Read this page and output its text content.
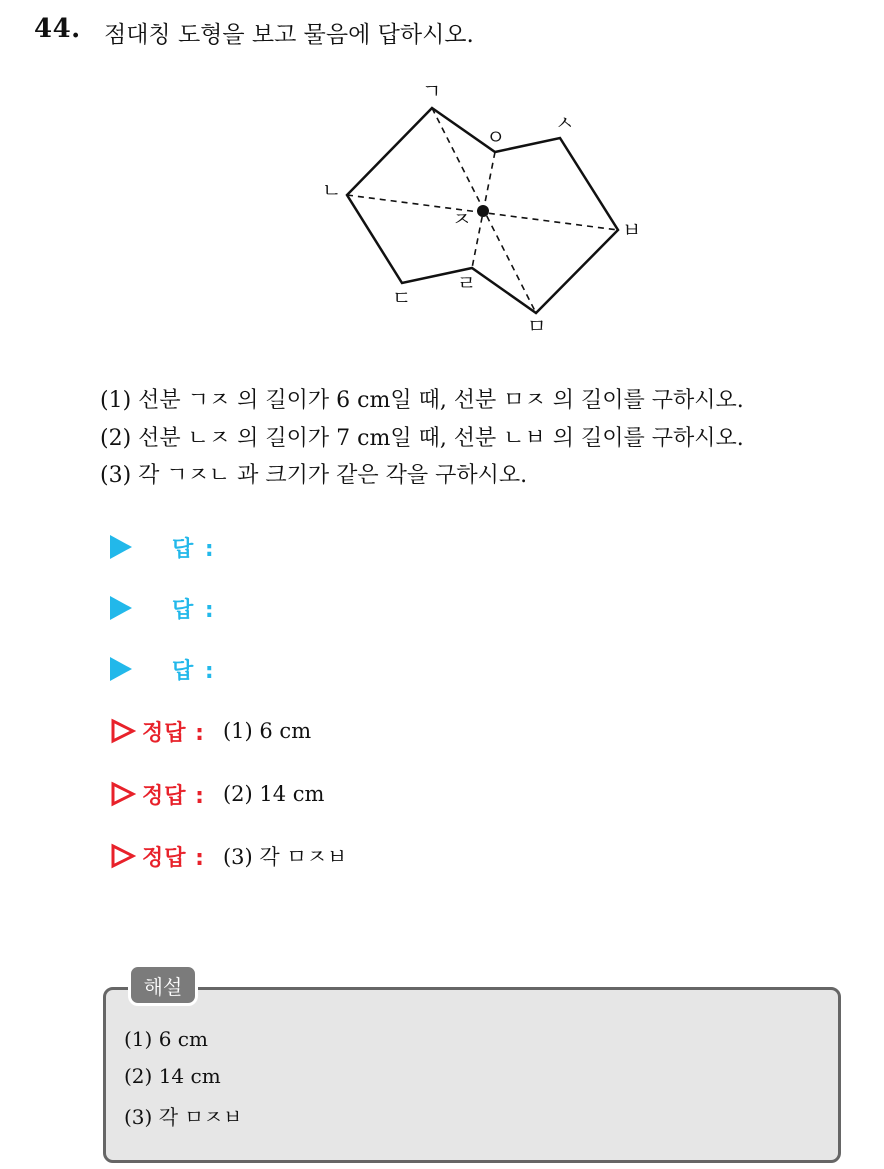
44. 점대칭 도형을 보고 물음에 답하시오.
ㄱ
ㅇ
ㅅ
ㄴ
ㅈ	ㅂ
ㄹ
ㄷ
ㅁ
(1) 선분 ㄱㅈ 의 길이가 6 cm일 때, 선분 ㅁㅈ 의 길이를 구하시오.
(2) 선분 ㄴㅈ 의 길이가 7 cm일 때, 선분 ㄴㅂ 의 길이를 구하시오.
(3) 각 ㄱㅈㄴ 과 크기가 같은 각을 구하시오.
답 :
답 :
답 :
정답 : (1) 6 cm
정답 : (2) 14 cm
정답 : (3) 각 ㅁㅈㅂ
해설
(1) 6 cm
(2) 14 cm
(3) 각 ㅁㅈㅂ
